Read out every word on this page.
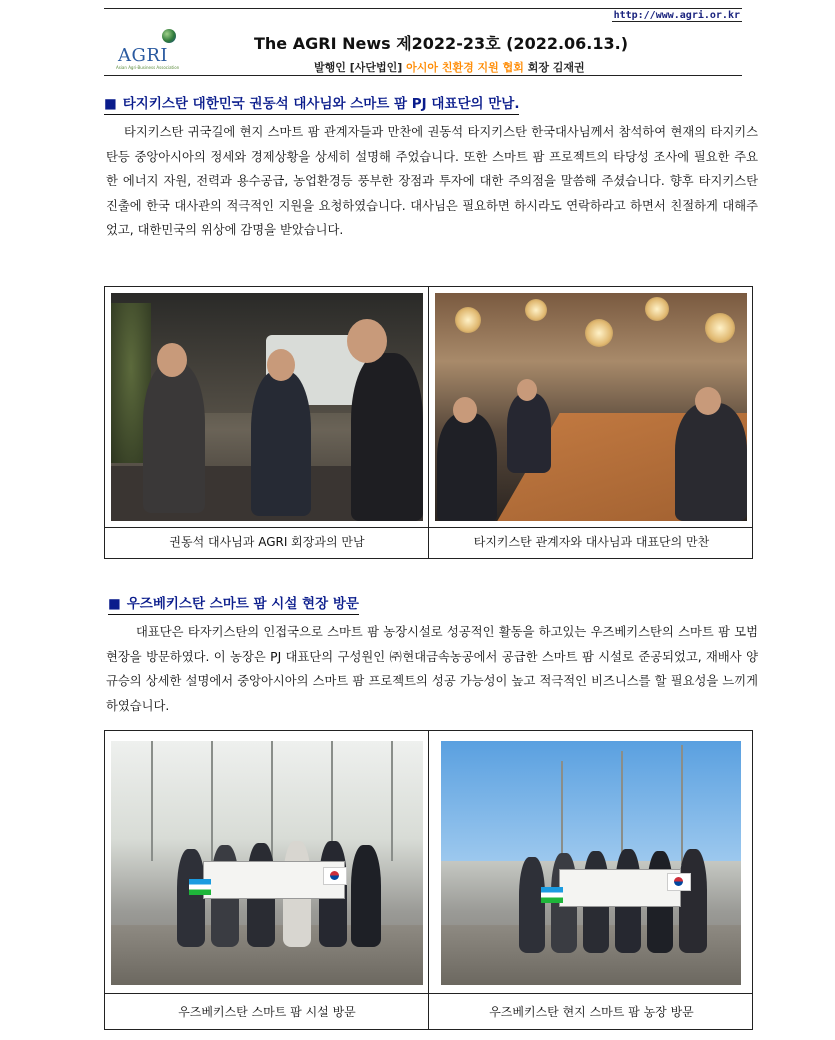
AGRI
Asian Agri-Business Association
http://www.agri.or.kr
The AGRI News 제2022-23호 (2022.06.13.)
발행인 [사단법인] 아시아 친환경 지원 협회 회장 김재권
■ 타지키스탄 대한민국 권동석 대사님와 스마트 팜 PJ 대표단의 만남.
타지키스탄 귀국길에 현지 스마트 팜 관계자들과 만찬에 권동석 타지키스탄 한국대사님께서 참석하여 현재의 타지키스탄등 중앙아시아의 정세와 경제상황을 상세히 설명해 주었습니다. 또한 스마트 팜 프로젝트의 타당성 조사에 필요한 주요한 에너지 자원, 전력과 용수공급, 농업환경등 풍부한 장점과 투자에 대한 주의점을 말씀해 주셨습니다. 향후 타지키스탄 진출에 한국 대사관의 적극적인 지원을 요청하였습니다. 대사님은 필요하면 하시라도 연락하라고 하면서 친절하게 대해주었고, 대한민국의 위상에 감명을 받았습니다.
권동석 대사님과 AGRI 회장과의 만남	타지키스탄 관계자와 대사님과 대표단의 만찬
■ 우즈베키스탄 스마트 팜 시설 현장 방문
대표단은 타자키스탄의 인접국으로 스마트 팜 농장시설로 성공적인 활동을 하고있는 우즈베키스탄의 스마트 팜 모범현장을 방문하였다. 이 농장은 PJ 대표단의 구성원인 ㈜현대금속농공에서 공급한 스마트 팜 시설로 준공되었고, 재배사 양규승의 상세한 설명에서 중앙아시아의 스마트 팜 프로젝트의 성공 가능성이 높고 적극적인 비즈니스를 할 필요성을 느끼게 하였습니다.
우즈베키스탄 스마트 팜 시설 방문	우즈베키스탄 현지 스마트 팜 농장 방문
